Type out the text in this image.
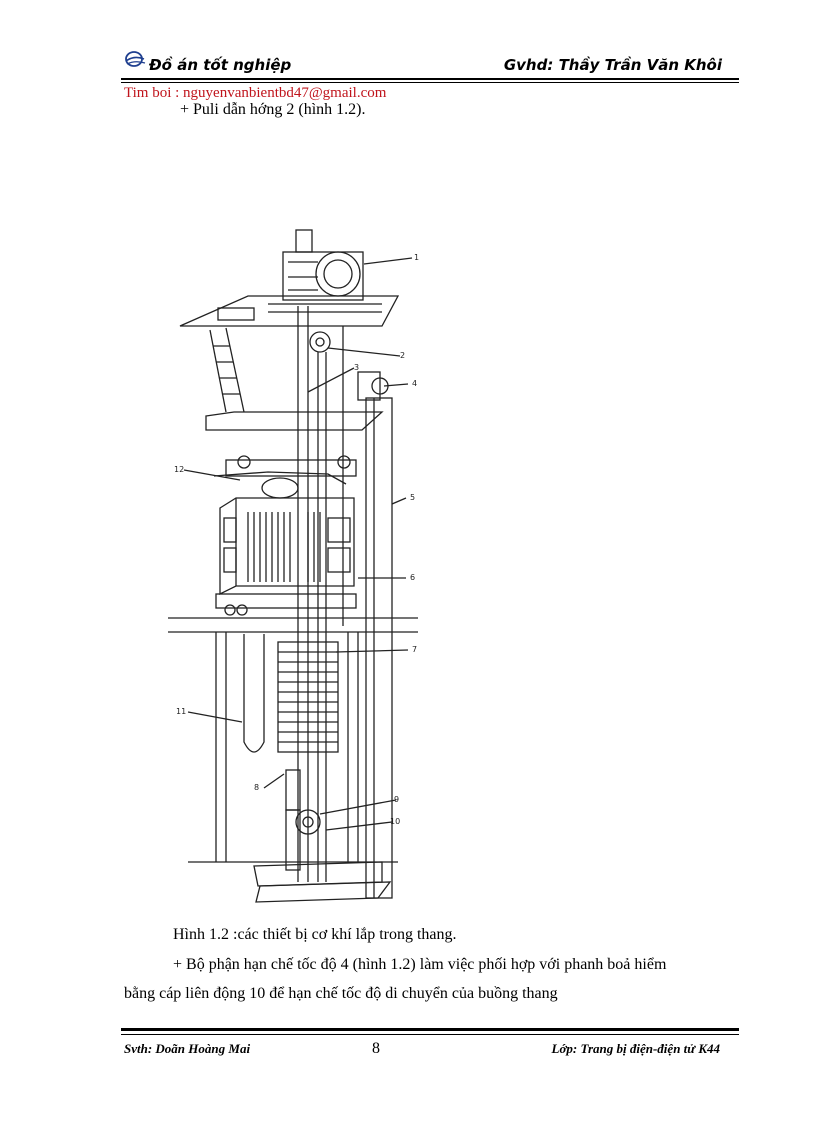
Đồ án tốt nghiệp	Gvhd: Thầy Trần Văn Khôi
Tim boi : nguyenvanbientbd47@gmail.com
+ Puli dẫn hớng 2 (hình 1.2).
1
2
3
4
5
6
7
8
9
10
11
12
Hình 1.2 :các thiết bị cơ khí lắp trong thang.
+ Bộ phận hạn chế tốc độ 4 (hình 1.2) làm việc phối hợp với phanh boả hiểm
bằng cáp liên động 10 để hạn chế tốc độ di chuyển của buồng thang
Svth: Doãn Hoàng Mai	8	Lớp: Trang bị điện-điện tử K44
